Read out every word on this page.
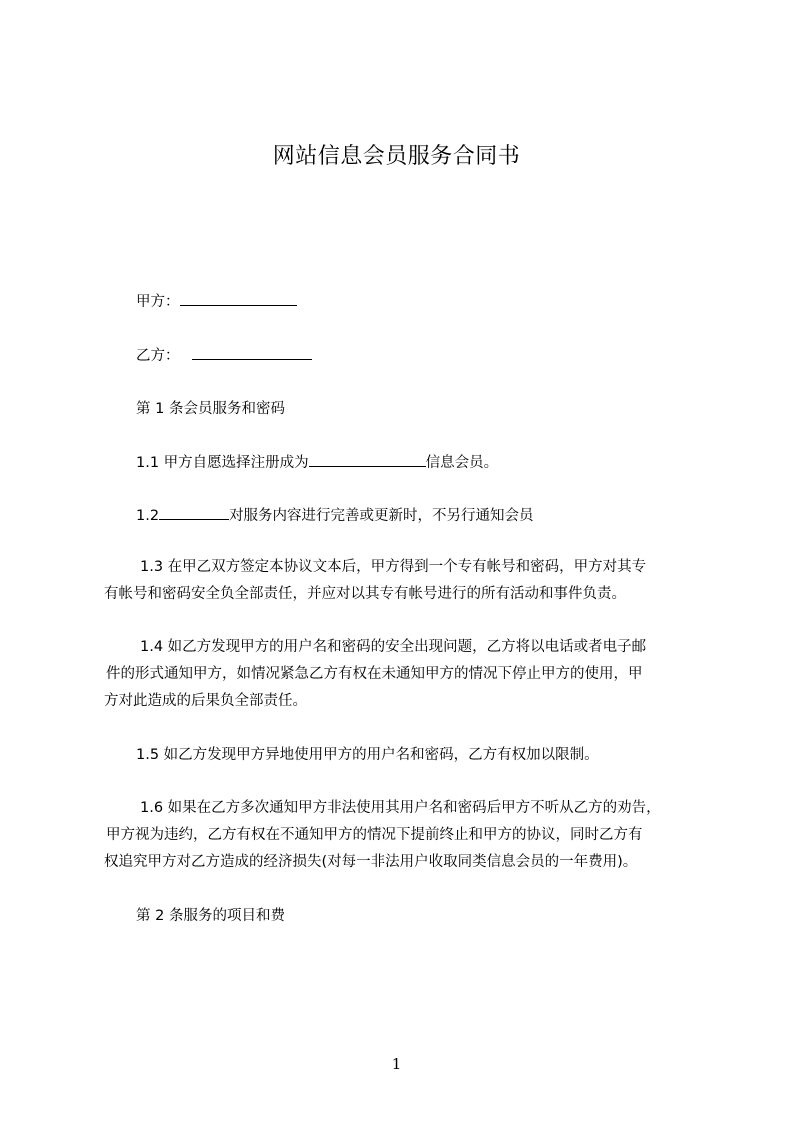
网站信息会员服务合同书
甲方：
乙方：
第 1 条会员服务和密码
1.1 甲方自愿选择注册成为	信息会员。
1.2	对服务内容进行完善或更新时，不另行通知会员
1.3 在甲乙双方签定本协议文本后，甲方得到一个专有帐号和密码，甲方对其专
有帐号和密码安全负全部责任，并应对以其专有帐号进行的所有活动和事件负责。
1.4 如乙方发现甲方的用户名和密码的安全出现问题，乙方将以电话或者电子邮
件的形式通知甲方，如情况紧急乙方有权在未通知甲方的情况下停止甲方的使用，甲
方对此造成的后果负全部责任。
1.5 如乙方发现甲方异地使用甲方的用户名和密码，乙方有权加以限制。
1.6 如果在乙方多次通知甲方非法使用其用户名和密码后甲方不听从乙方的劝告，
甲方视为违约，乙方有权在不通知甲方的情况下提前终止和甲方的协议，同时乙方有
权追究甲方对乙方造成的经济损失(对每一非法用户收取同类信息会员的一年费用)。
第 2 条服务的项目和费
1
